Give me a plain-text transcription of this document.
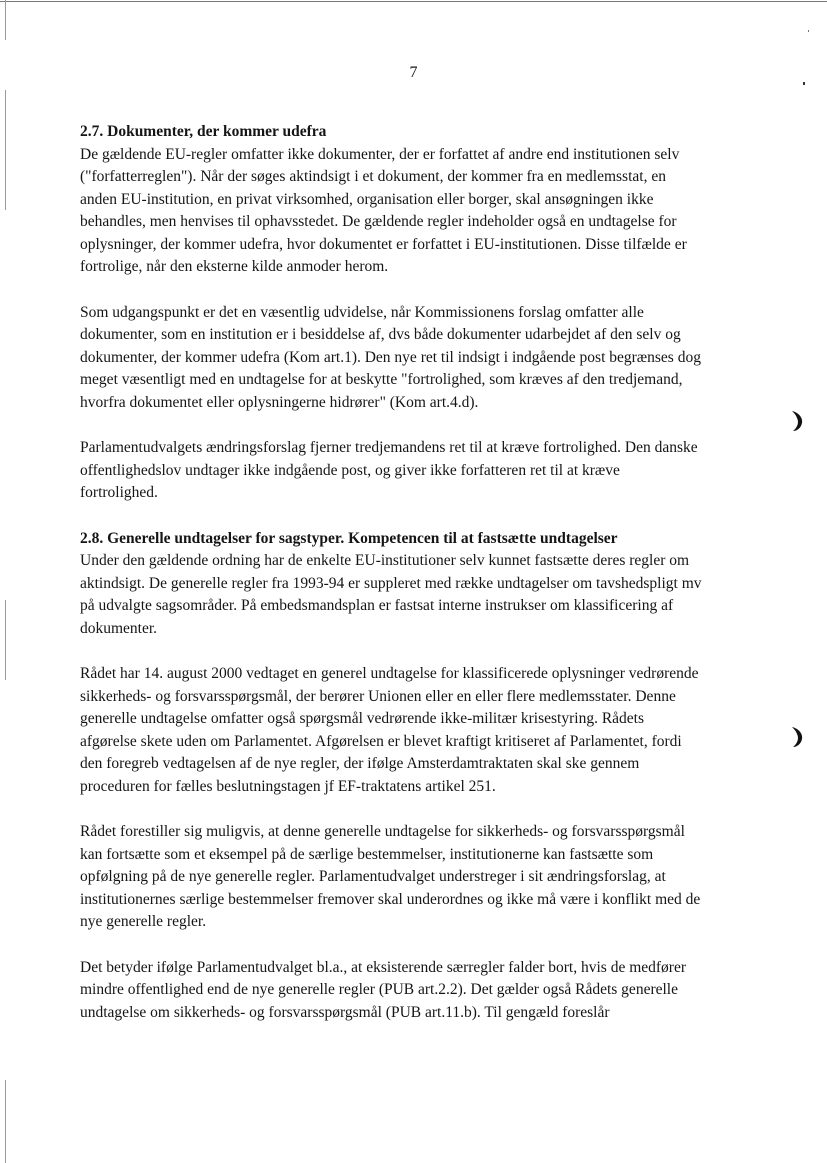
7

2.7. Dokumenter, der kommer udefra

De gældende EU-regler omfatter ikke dokumenter, der er forfattet af andre end institutionen selv
("forfatterreglen"). Når der søges aktindsigt i et dokument, der kommer fra en medlemsstat, en
anden EU-institution, en privat virksomhed, organisation eller borger, skal ansøgningen ikke
behandles, men henvises til ophavsstedet. De gældende regler indeholder også en undtagelse for
oplysninger, der kommer udefra, hvor dokumentet er forfattet i EU-institutionen. Disse tilfælde er
fortrolige, når den eksterne kilde anmoder herom.

Som udgangspunkt er det en væsentlig udvidelse, når Kommissionens forslag omfatter alle
dokumenter, som en institution er i besiddelse af, dvs både dokumenter udarbejdet af den selv og
dokumenter, der kommer udefra (Kom art.1). Den nye ret til indsigt i indgående post begrænses dog
meget væsentligt med en undtagelse for at beskytte "fortrolighed, som kræves af den tredjemand,
hvorfra dokumentet eller oplysningerne hidrører" (Kom art.4.d).

Parlamentudvalgets ændringsforslag fjerner tredjemandens ret til at kræve fortrolighed. Den danske
offentlighedslov undtager ikke indgående post, og giver ikke forfatteren ret til at kræve
fortrolighed.

2.8. Generelle undtagelser for sagstyper. Kompetencen til at fastsætte undtagelser

Under den gældende ordning har de enkelte EU-institutioner selv kunnet fastsætte deres regler om
aktindsigt. De generelle regler fra 1993-94 er suppleret med række undtagelser om tavshedspligt mv
på udvalgte sagsområder. På embedsmandsplan er fastsat interne instrukser om klassificering af
dokumenter.

Rådet har 14. august 2000 vedtaget en generel undtagelse for klassificerede oplysninger vedrørende
sikkerheds- og forsvarsspørgsmål, der berører Unionen eller en eller flere medlemsstater. Denne
generelle undtagelse omfatter også spørgsmål vedrørende ikke-militær krisestyring. Rådets
afgørelse skete uden om Parlamentet. Afgørelsen er blevet kraftigt kritiseret af Parlamentet, fordi
den foregreb vedtagelsen af de nye regler, der ifølge Amsterdamtraktaten skal ske gennem
proceduren for fælles beslutningstagen jf EF-traktatens artikel 251.

Rådet forestiller sig muligvis, at denne generelle undtagelse for sikkerheds- og forsvarsspørgsmål
kan fortsætte som et eksempel på de særlige bestemmelser, institutionerne kan fastsætte som
opfølgning på de nye generelle regler. Parlamentudvalget understreger i sit ændringsforslag, at
institutionernes særlige bestemmelser fremover skal underordnes og ikke må være i konflikt med de
nye generelle regler.

Det betyder ifølge Parlamentudvalget bl.a., at eksisterende særregler falder bort, hvis de medfører
mindre offentlighed end de nye generelle regler (PUB art.2.2). Det gælder også Rådets generelle
undtagelse om sikkerheds- og forsvarsspørgsmål (PUB art.11.b). Til gengæld foreslår
